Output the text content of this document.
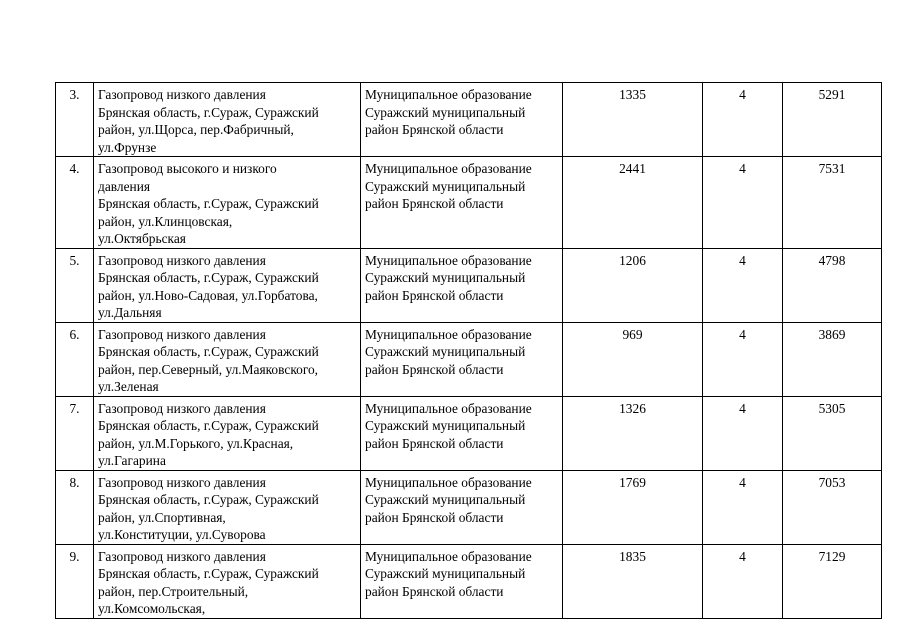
3.	Газопровод низкого давления
Брянская область, г.Сураж, Суражский
район, ул.Щорса, пер.Фабричный,
ул.Фрунзе	Муниципальное образование
Суражский муниципальный
район Брянской области	1335	4	5291
4.	Газопровод высокого и низкого
давления
Брянская область, г.Сураж, Суражский
район, ул.Клинцовская,
ул.Октябрьская	Муниципальное образование
Суражский муниципальный
район Брянской области	2441	4	7531
5.	Газопровод низкого давления
Брянская область, г.Сураж, Суражский
район, ул.Ново-Садовая, ул.Горбатова,
ул.Дальняя	Муниципальное образование
Суражский муниципальный
район Брянской области	1206	4	4798
6.	Газопровод низкого давления
Брянская область, г.Сураж, Суражский
район, пер.Северный, ул.Маяковского,
ул.Зеленая	Муниципальное образование
Суражский муниципальный
район Брянской области	969	4	3869
7.	Газопровод низкого давления
Брянская область, г.Сураж, Суражский
район, ул.М.Горького, ул.Красная,
ул.Гагарина	Муниципальное образование
Суражский муниципальный
район Брянской области	1326	4	5305
8.	Газопровод низкого давления
Брянская область, г.Сураж, Суражский
район, ул.Спортивная,
ул.Конституции, ул.Суворова	Муниципальное образование
Суражский муниципальный
район Брянской области	1769	4	7053
9.	Газопровод низкого давления
Брянская область, г.Сураж, Суражский
район, пер.Строительный,
ул.Комсомольская,	Муниципальное образование
Суражский муниципальный
район Брянской области	1835	4	7129
